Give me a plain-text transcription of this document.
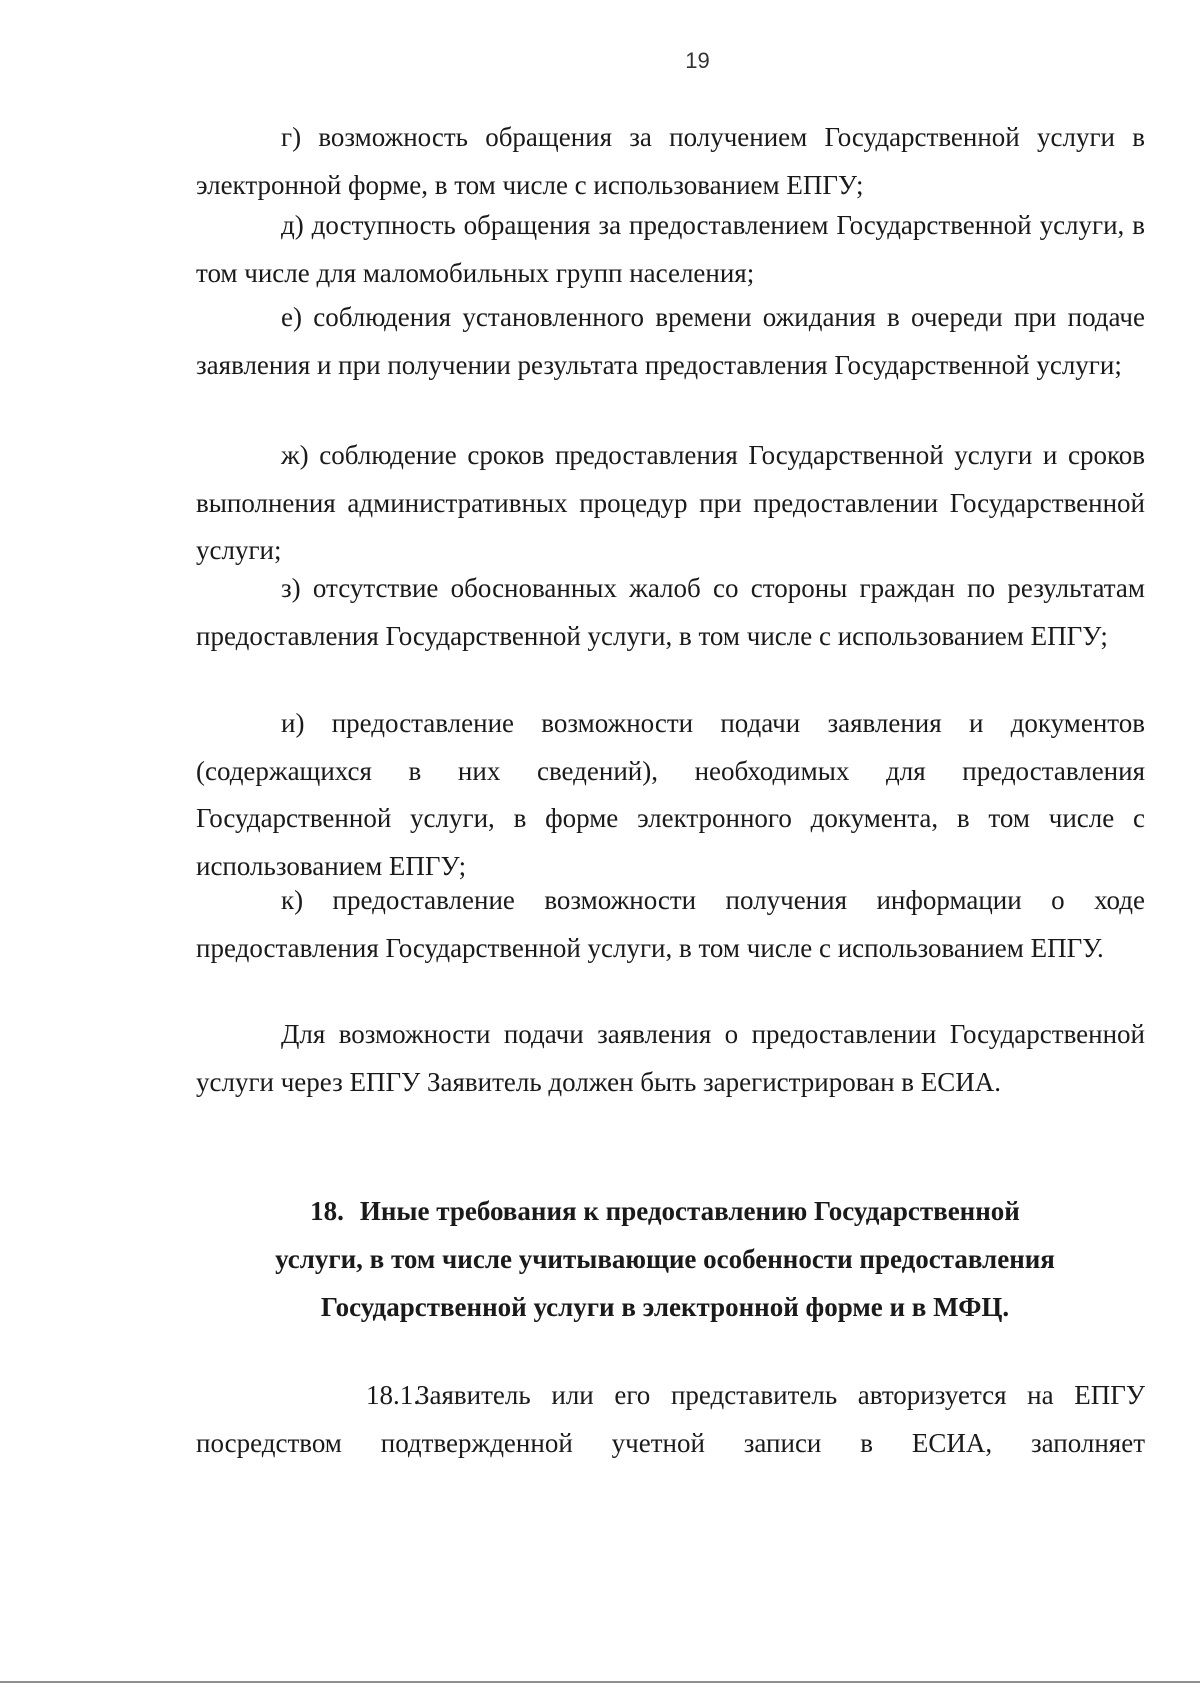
19

г) возможность обращения за получением Государственной услуги в электронной форме, в том числе с использованием ЕПГУ;

д) доступность обращения за предоставлением Государственной услуги, в том числе для маломобильных групп населения;

е) соблюдения установленного времени ожидания в очереди при подаче заявления и при получении результата предоставления Государственной услуги;

ж) соблюдение сроков предоставления Государственной услуги и сроков выполнения административных процедур при предоставлении Государственной услуги;

з) отсутствие обоснованных жалоб со стороны граждан по результатам предоставления Государственной услуги, в том числе с использованием ЕПГУ;

и) предоставление возможности подачи заявления и документов (содержащихся в них сведений), необходимых для предоставления Государственной услуги, в форме электронного документа, в том числе с использованием ЕПГУ;

к) предоставление возможности получения информации о ходе предоставления Государственной услуги, в том числе с использованием ЕПГУ.

Для возможности подачи заявления о предоставлении Государственной услуги через ЕПГУ Заявитель должен быть зарегистрирован в ЕСИА.

18. Иные требования к предоставлению Государственной

услуги, в том числе учитывающие особенности предоставления

Государственной услуги в электронной форме и в МФЦ.

18.1.Заявитель или его представитель авторизуется на ЕПГУ посредством подтвержденной учетной записи в ЕСИА, заполняет
